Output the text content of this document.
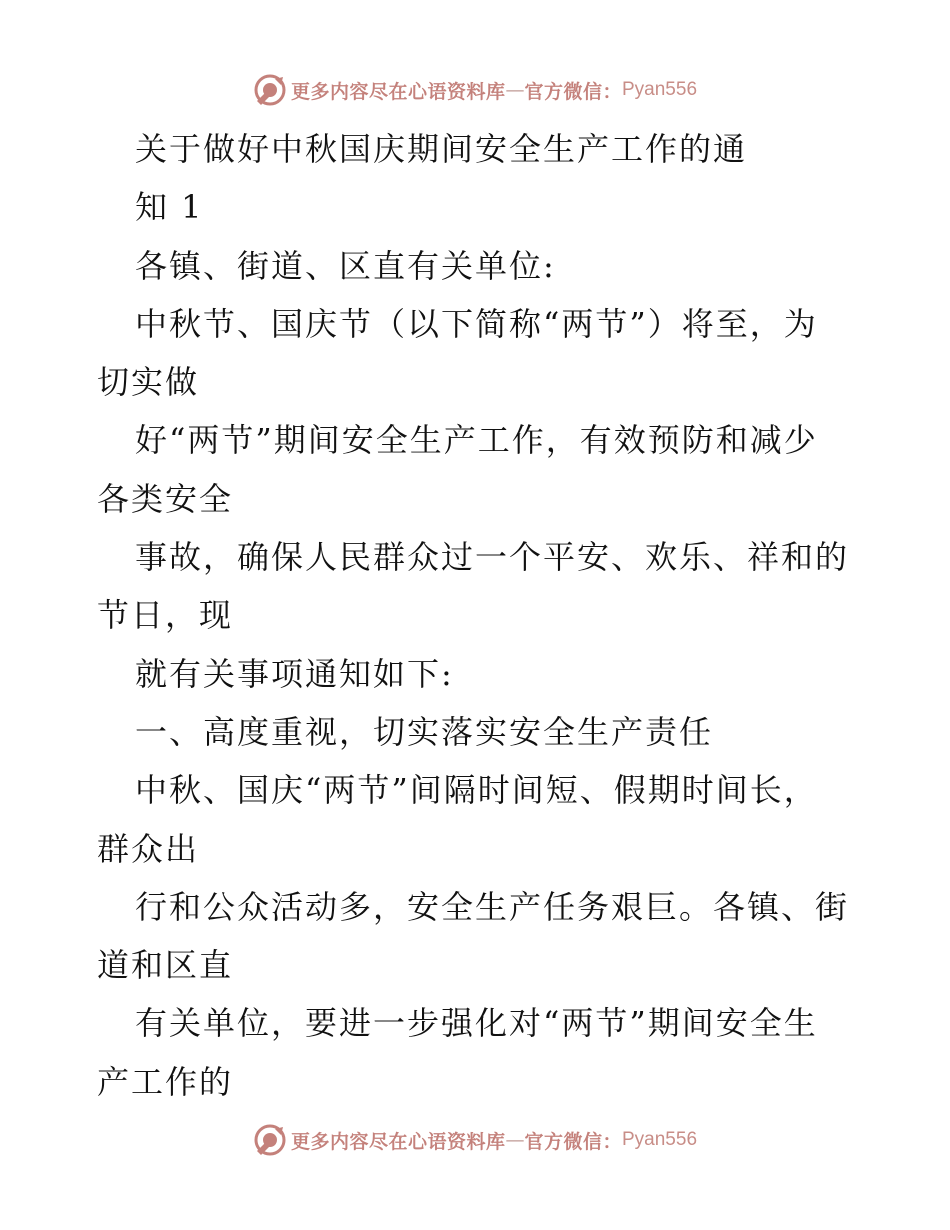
更多内容尽在心语资料库 — 官方微信： Pyan556
关于做好中秋国庆期间安全生产工作的通
知 1
各镇、街道、区直有关单位:
中秋节、国庆节（以下简称“两节”）将至，为
切实做
好“两节”期间安全生产工作，有效预防和减少
各类安全
事故，确保人民群众过一个平安、欢乐、祥和的
节日，现
就有关事项通知如下:
一、高度重视，切实落实安全生产责任
中秋、国庆“两节”间隔时间短、假期时间长，
群众出
行和公众活动多，安全生产任务艰巨。各镇、街
道和区直
有关单位，要进一步强化对“两节”期间安全生
产工作的
更多内容尽在心语资料库 — 官方微信： Pyan556
